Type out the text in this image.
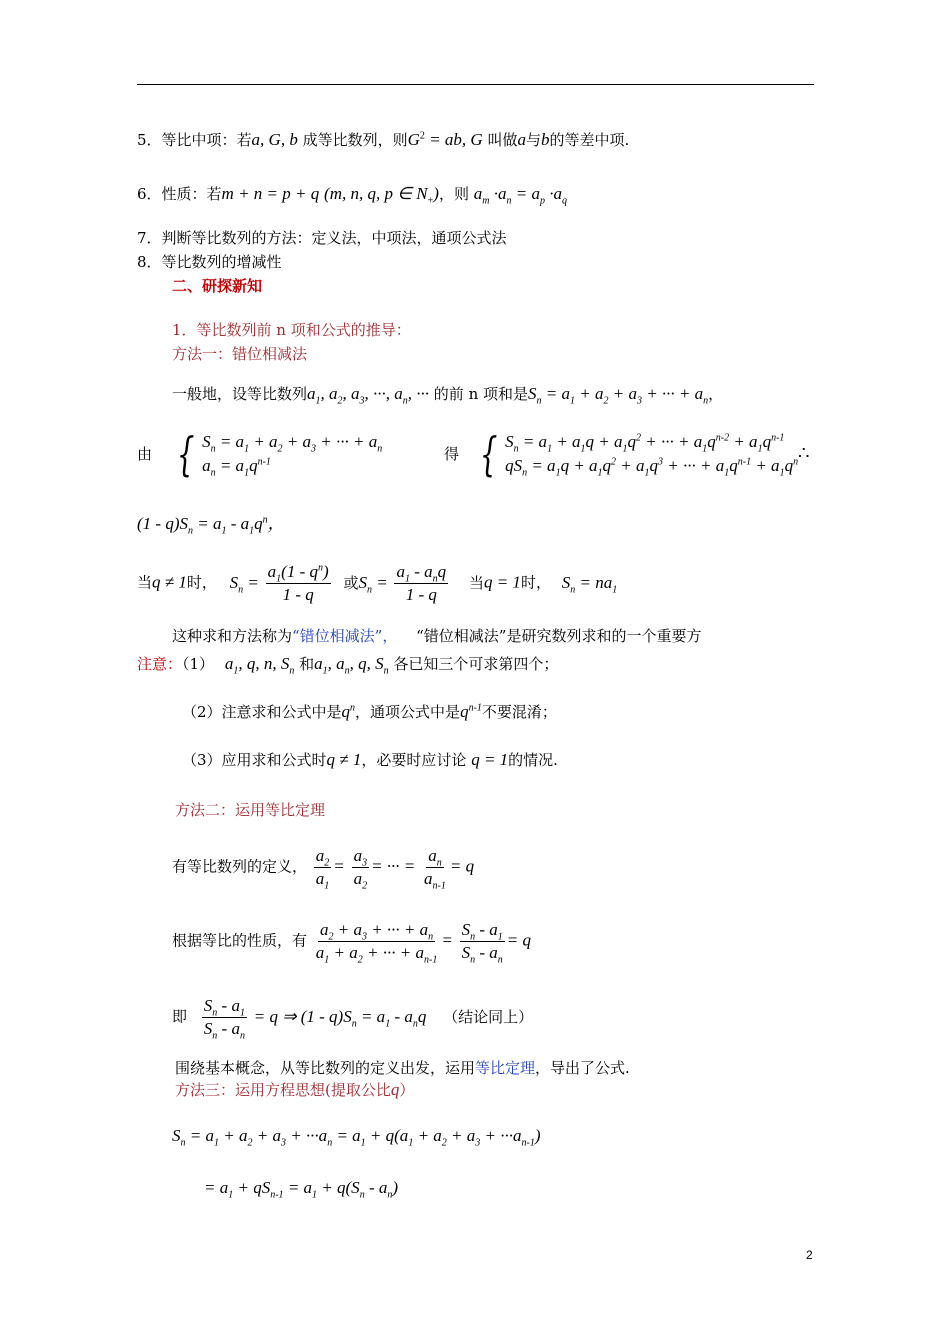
5．等比中项：若a, G, b 成等比数列，则$G^2$ = ab, G 叫做a与b的等差中项.
6．性质：若m + n = p + q (m, n, q, p ∈ $N_+$)，则 $a_m \cdot a_n = a_p \cdot a_q$
7．判断等比数列的方法：定义法，中项法，通项公式法
8．等比数列的增减性
二、研探新知
1．等比数列前 n 项和公式的推导：
方法一：错位相减法
一般地，设等比数列$a_1$, $a_2$, $a_3$, ···, $a_n$, ··· 的前 n 项和是$S_n = a_1 + a_2 + a_3$ + ··· + $a_n$，
由 { $S_n = a_1 + a_2 + a_3$ + ··· + $a_n$
$a_n = a_1q^{n-1}$	得 { $S_n = a_1 + a_1q + a_1q^2$ + ··· + $a_1q^{n-2} + a_1q^{n-1}$
$qS_n = a_1q + a_1q^2 + a_1q^3$ + ··· + $a_1q^{n-1} + a_1q^n$ ∴
$(1 - q)S_n = a_1 - a_1q^n$，
当q ≠ 1时， $S_n = \frac{a_1(1 - q^n)}{1 - q}$ 或$S_n = \frac{a_1 - a_nq}{1 - q}$ 当q = 1时， $S_n = na_1$
这种求和方法称为“错位相减法”， “错位相减法”是研究数列求和的一个重要方
注意：（1） $a_1$, q, n, $S_n$ 和$a_1$, $a_n$, q, $S_n$ 各已知三个可求第四个；
（2）注意求和公式中是$q^n$，通项公式中是$q^{n-1}$不要混淆；
（3）应用求和公式时q ≠ 1，必要时应讨论 q = 1的情况.
方法二：运用等比定理
有等比数列的定义， $\frac{a_2}{a_1} = \frac{a_3}{a_2}$ = ··· = $\frac{a_n}{a_{n-1}} = q$
根据等比的性质，有 $\frac{a_2 + a_3 + \cdot\cdot\cdot + a_n}{a_1 + a_2 + \cdot\cdot\cdot + a_{n-1}} = \frac{S_n - a_1}{S_n - a_n} = q$
即 $\frac{S_n - a_1}{S_n - a_n} = q$ ⇒ $(1 - q)S_n = a_1 - a_nq$ （结论同上）
围绕基本概念，从等比数列的定义出发，运用等比定理，导出了公式.
方法三：运用方程思想(提取公比q）
$S_n = a_1 + a_2 + a_3 + \cdot\cdot\cdot a_n = a_1 + q(a_1 + a_2 + a_3 + \cdot\cdot\cdot a_{n-1})$
= $a_1 + qS_{n-1} = a_1 + q(S_n - a_n)$
2
